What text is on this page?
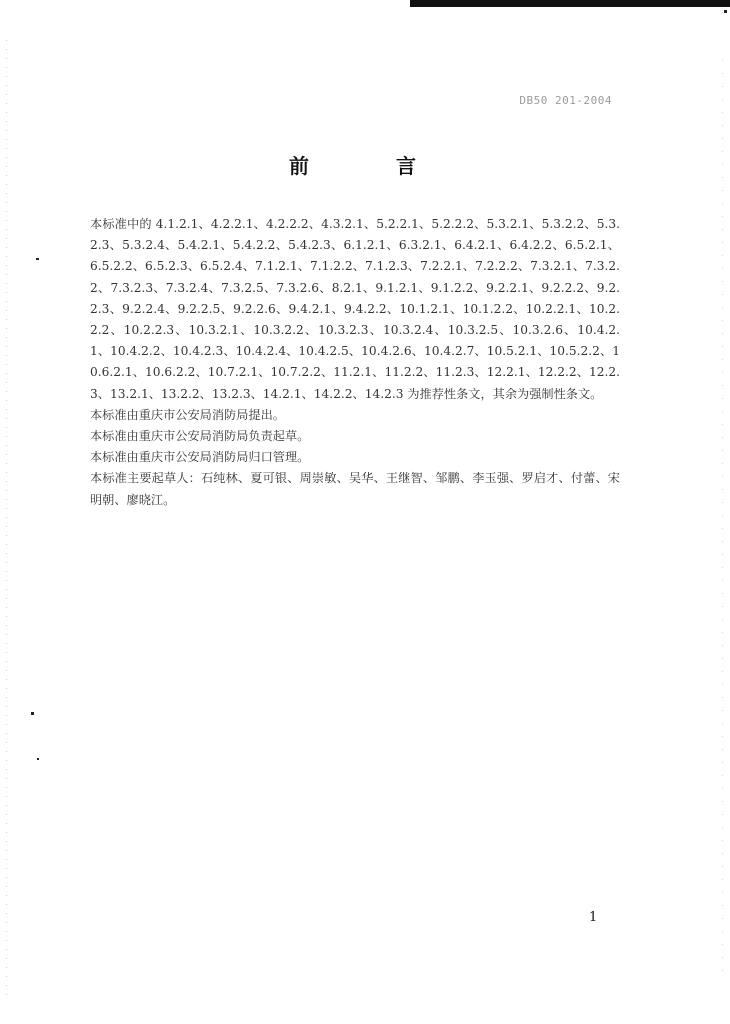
DB50 201-2004
前	言

本标准中的 4.1.2.1、4.2.2.1、4.2.2.2、4.3.2.1、5.2.2.1、5.2.2.2、5.3.2.1、5.3.2.2、5.3.2.3、5.3.2.4、5.4.2.1、5.4.2.2、5.4.2.3、6.1.2.1、6.3.2.1、6.4.2.1、6.4.2.2、6.5.2.1、6.5.2.2、6.5.2.3、6.5.2.4、7.1.2.1、7.1.2.2、7.1.2.3、7.2.2.1、7.2.2.2、7.3.2.1、7.3.2.2、7.3.2.3、7.3.2.4、7.3.2.5、7.3.2.6、8.2.1、9.1.2.1、9.1.2.2、9.2.2.1、9.2.2.2、9.2.2.3、9.2.2.4、9.2.2.5、9.2.2.6、9.4.2.1、9.4.2.2、10.1.2.1、10.1.2.2、10.2.2.1、10.2.2.2、10.2.2.3、10.3.2.1、10.3.2.2、10.3.2.3、10.3.2.4、10.3.2.5、10.3.2.6、10.4.2.1、10.4.2.2、10.4.2.3、10.4.2.4、10.4.2.5、10.4.2.6、10.4.2.7、10.5.2.1、10.5.2.2、10.6.2.1、10.6.2.2、10.7.2.1、10.7.2.2、11.2.1、11.2.2、11.2.3、12.2.1、12.2.2、12.2.3、13.2.1、13.2.2、13.2.3、14.2.1、14.2.2、14.2.3 为推荐性条文，其余为强制性条文。

本标准由重庆市公安局消防局提出。

本标准由重庆市公安局消防局负责起草。

本标准由重庆市公安局消防局归口管理。

本标准主要起草人：石纯林、夏可银、周崇敏、吴华、王继智、邹鹏、李玉强、罗启才、付蕾、宋明朝、廖晓江。

1
